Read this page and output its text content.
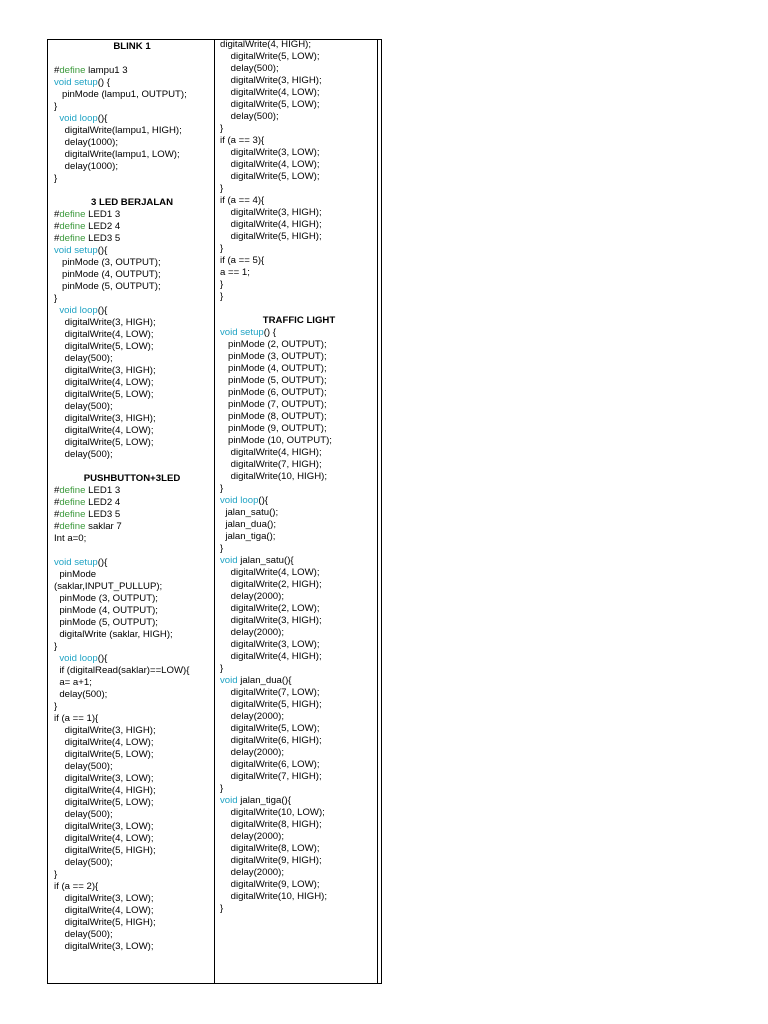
BLINK 1
#define lampu1 3
void setup() {
pinMode (lampu1, OUTPUT);
}
void loop(){
digitalWrite(lampu1, HIGH);
delay(1000);
digitalWrite(lampu1, LOW);
delay(1000);
}
3 LED BERJALAN
#define LED1 3
#define LED2 4
#define LED3 5
void setup(){
pinMode (3, OUTPUT);
pinMode (4, OUTPUT);
pinMode (5, OUTPUT);
}
void loop(){
digitalWrite(3, HIGH);
digitalWrite(4, LOW);
digitalWrite(5, LOW);
delay(500);
digitalWrite(3, HIGH);
digitalWrite(4, LOW);
digitalWrite(5, LOW);
delay(500);
digitalWrite(3, HIGH);
digitalWrite(4, LOW);
digitalWrite(5, LOW);
delay(500);
PUSHBUTTON+3LED
#define LED1 3
#define LED2 4
#define LED3 5
#define saklar 7
Int a=0;
void setup(){
pinMode
(saklar,INPUT_PULLUP);
pinMode (3, OUTPUT);
pinMode (4, OUTPUT);
pinMode (5, OUTPUT);
digitalWrite (saklar, HIGH);
}
void loop(){
if (digitalRead(saklar)==LOW){
a= a+1;
delay(500);
}
if (a == 1){
digitalWrite(3, HIGH);
digitalWrite(4, LOW);
digitalWrite(5, LOW);
delay(500);
digitalWrite(3, LOW);
digitalWrite(4, HIGH);
digitalWrite(5, LOW);
delay(500);
digitalWrite(3, LOW);
digitalWrite(4, LOW);
digitalWrite(5, HIGH);
delay(500);
}
if (a == 2){
digitalWrite(3, LOW);
digitalWrite(4, LOW);
digitalWrite(5, HIGH);
delay(500);
digitalWrite(3, LOW);
digitalWrite(4, HIGH);
digitalWrite(5, LOW);
delay(500);
digitalWrite(3, HIGH);
digitalWrite(4, LOW);
digitalWrite(5, LOW);
delay(500);
}
if (a == 3){
digitalWrite(3, LOW);
digitalWrite(4, LOW);
digitalWrite(5, LOW);
}
if (a == 4){
digitalWrite(3, HIGH);
digitalWrite(4, HIGH);
digitalWrite(5, HIGH);
}
if (a == 5){
a == 1;
}
}
TRAFFIC LIGHT
void setup() {
pinMode (2, OUTPUT);
pinMode (3, OUTPUT);
pinMode (4, OUTPUT);
pinMode (5, OUTPUT);
pinMode (6, OUTPUT);
pinMode (7, OUTPUT);
pinMode (8, OUTPUT);
pinMode (9, OUTPUT);
pinMode (10, OUTPUT);
digitalWrite(4, HIGH);
digitalWrite(7, HIGH);
digitalWrite(10, HIGH);
}
void loop(){
jalan_satu();
jalan_dua();
jalan_tiga();
}
void jalan_satu(){
digitalWrite(4, LOW);
digitalWrite(2, HIGH);
delay(2000);
digitalWrite(2, LOW);
digitalWrite(3, HIGH);
delay(2000);
digitalWrite(3, LOW);
digitalWrite(4, HIGH);
}
void jalan_dua(){
digitalWrite(7, LOW);
digitalWrite(5, HIGH);
delay(2000);
digitalWrite(5, LOW);
digitalWrite(6, HIGH);
delay(2000);
digitalWrite(6, LOW);
digitalWrite(7, HIGH);
}
void jalan_tiga(){
digitalWrite(10, LOW);
digitalWrite(8, HIGH);
delay(2000);
digitalWrite(8, LOW);
digitalWrite(9, HIGH);
delay(2000);
digitalWrite(9, LOW);
digitalWrite(10, HIGH);
}
